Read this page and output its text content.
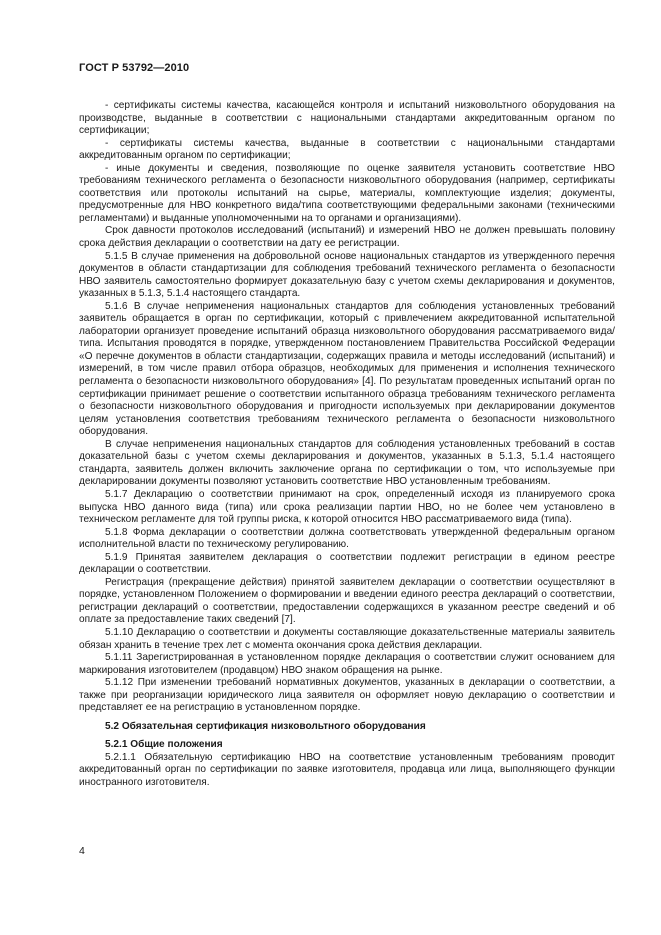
ГОСТ Р 53792—2010

- сертификаты системы качества, касающейся контроля и испытаний низковольтного оборудования на производстве, выданные в соответствии с национальными стандартами аккредитованным органом по сертификации;

- сертификаты системы качества, выданные в соответствии с национальными стандартами аккредитованным органом по сертификации;

- иные документы и сведения, позволяющие по оценке заявителя установить соответствие НВО требованиям технического регламента о безопасности низковольтного оборудования (например, сертификаты соответствия или протоколы испытаний на сырье, материалы, комплектующие изделия; документы, предусмотренные для НВО конкретного вида/типа соответствующими федеральными законами (техническими регламентами) и выданные уполномоченными на то органами и организациями).

Срок давности протоколов исследований (испытаний) и измерений НВО не должен превышать половину срока действия декларации о соответствии на дату ее регистрации.

5.1.5 В случае применения на добровольной основе национальных стандартов из утвержденного перечня документов в области стандартизации для соблюдения требований технического регламента о безопасности НВО заявитель самостоятельно формирует доказательную базу с учетом схемы декларирования и документов, указанных в 5.1.3, 5.1.4 настоящего стандарта.

5.1.6 В случае неприменения национальных стандартов для соблюдения установленных требований заявитель обращается в орган по сертификации, который с привлечением аккредитованной испытательной лаборатории организует проведение испытаний образца низковольтного оборудования рассматриваемого вида/типа. Испытания проводятся в порядке, утвержденном постановлением Правительства Российской Федерации «О перечне документов в области стандартизации, содержащих правила и методы исследований (испытаний) и измерений, в том числе правил отбора образцов, необходимых для применения и исполнения технического регламента о безопасности низковольтного оборудования» [4]. По результатам проведенных испытаний орган по сертификации принимает решение о соответствии испытанного образца требованиям технического регламента о безопасности низковольтного оборудования и пригодности используемых при декларировании документов целям установления соответствия требованиям технического регламента о безопасности низковольтного оборудования.

В случае неприменения национальных стандартов для соблюдения установленных требований в состав доказательной базы с учетом схемы декларирования и документов, указанных в 5.1.3, 5.1.4 настоящего стандарта, заявитель должен включить заключение органа по сертификации о том, что используемые при декларировании документы позволяют установить соответствие НВО установленным требованиям.

5.1.7 Декларацию о соответствии принимают на срок, определенный исходя из планируемого срока выпуска НВО данного вида (типа) или срока реализации партии НВО, но не более чем установлено в техническом регламенте для той группы риска, к которой относится НВО рассматриваемого вида (типа).

5.1.8 Форма декларации о соответствии должна соответствовать утвержденной федеральным органом исполнительной власти по техническому регулированию.

5.1.9 Принятая заявителем декларация о соответствии подлежит регистрации в едином реестре декларации о соответствии.

Регистрация (прекращение действия) принятой заявителем декларации о соответствии осуществляют в порядке, установленном Положением о формировании и введении единого реестра деклараций о соответствии, регистрации деклараций о соответствии, предоставлении содержащихся в указанном реестре сведений и об оплате за предоставление таких сведений [7].

5.1.10 Декларацию о соответствии и документы составляющие доказательственные материалы заявитель обязан хранить в течение трех лет с момента окончания срока действия декларации.

5.1.11 Зарегистрированная в установленном порядке декларация о соответствии служит основанием для маркирования изготовителем (продавцом) НВО знаком обращения на рынке.

5.1.12 При изменении требований нормативных документов, указанных в декларации о соответствии, а также при реорганизации юридического лица заявителя он оформляет новую декларацию о соответствии и представляет ее на регистрацию в установленном порядке.

5.2 Обязательная сертификация низковольтного оборудования
5.2.1 Общие положения

5.2.1.1 Обязательную сертификацию НВО на соответствие установленным требованиям проводит аккредитованный орган по сертификации по заявке изготовителя, продавца или лица, выполняющего функции иностранного изготовителя.

4
